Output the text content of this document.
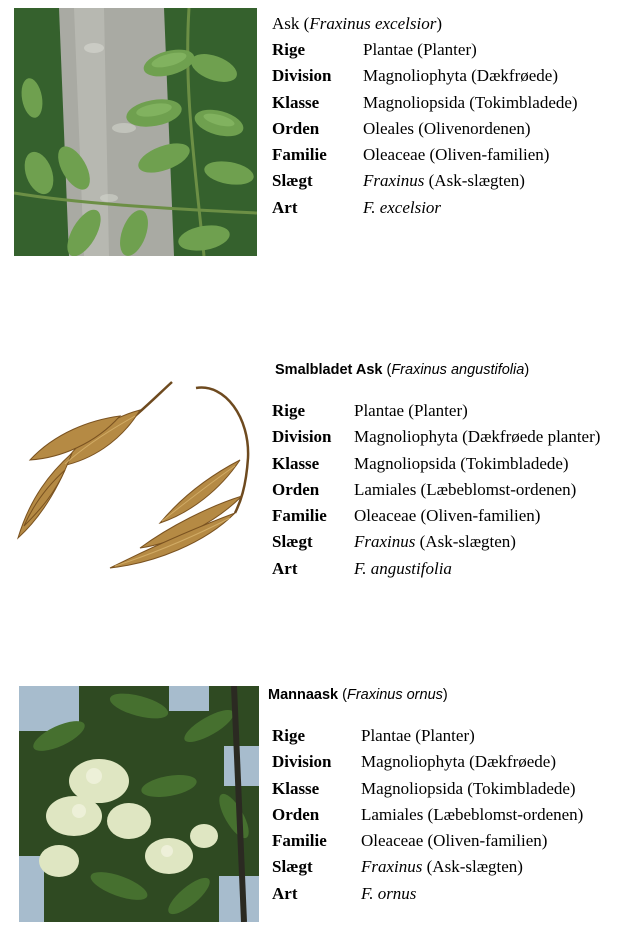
Ask (Fraxinus excelsior)
Rige	Plantae (Planter)
Division Magnoliophyta (Dækfrøede)
Klasse	Magnoliopsida (Tokimbladede)
Orden	Oleales (Olivenordenen)
Familie Oleaceae (Oliven-familien)
Slægt	Fraxinus (Ask-slægten)
Art	F. excelsior
Smalbladet Ask (Fraxinus angustifolia)
Rige	Plantae (Planter)
Division Magnoliophyta (Dækfrøede planter)
Klasse Magnoliopsida (Tokimbladede)
Orden Lamiales (Læbeblomst-ordenen)
Familie Oleaceae (Oliven-familien)
Slægt Fraxinus (Ask-slægten)
Art	F. angustifolia
Mannaask (Fraxinus ornus)
Rige	Plantae (Planter)
Division Magnoliophyta (Dækfrøede)
Klasse Magnoliopsida (Tokimbladede)
Orden Lamiales (Læbeblomst-ordenen)
Familie Oleaceae (Oliven-familien)
Slægt	Fraxinus (Ask-slægten)
Art	F. ornus
